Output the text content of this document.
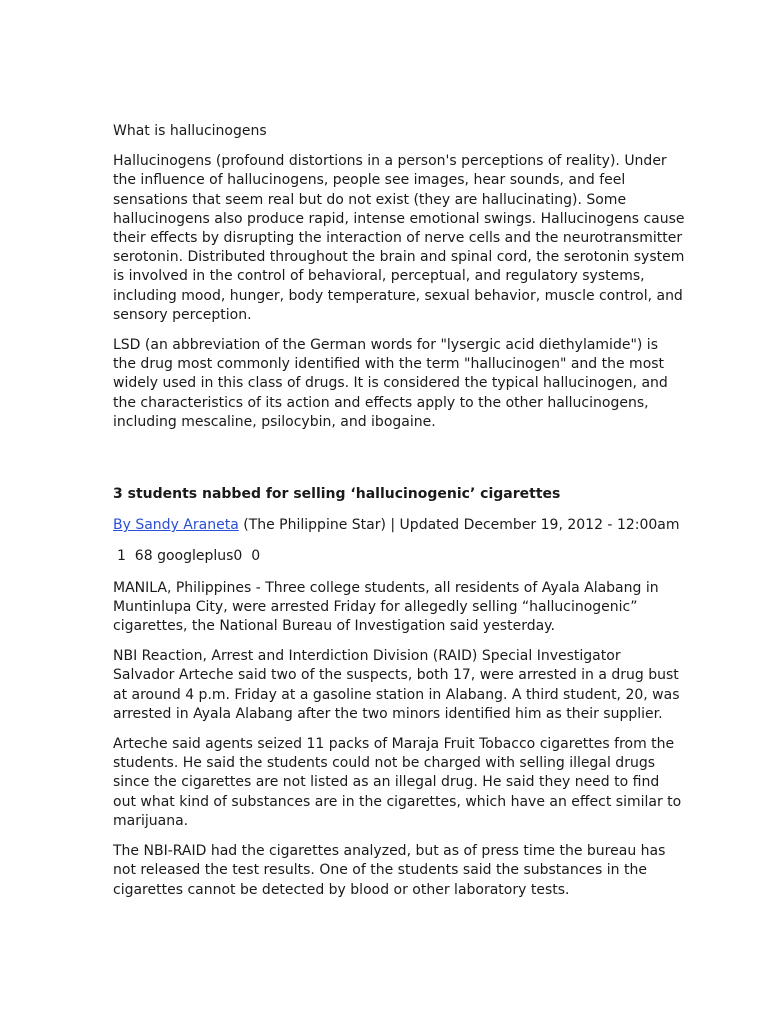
What is hallucinogens

Hallucinogens (profound distortions in a person's perceptions of reality). Under the influence of hallucinogens, people see images, hear sounds, and feel sensations that seem real but do not exist (they are hallucinating). Some hallucinogens also produce rapid, intense emotional swings. Hallucinogens cause their effects by disrupting the interaction of nerve cells and the neurotransmitter serotonin. Distributed throughout the brain and spinal cord, the serotonin system is involved in the control of behavioral, perceptual, and regulatory systems, including mood, hunger, body temperature, sexual behavior, muscle control, and sensory perception.

LSD (an abbreviation of the German words for "lysergic acid diethylamide") is the drug most commonly identified with the term "hallucinogen" and the most widely used in this class of drugs. It is considered the typical hallucinogen, and the characteristics of its action and effects apply to the other hallucinogens, including mescaline, psilocybin, and ibogaine.

3 students nabbed for selling ‘hallucinogenic’ cigarettes

By Sandy Araneta (The Philippine Star) | Updated December 19, 2012 - 12:00am

1  68 googleplus0  0

MANILA, Philippines - Three college students, all residents of Ayala Alabang in Muntinlupa City, were arrested Friday for allegedly selling “hallucinogenic” cigarettes, the National Bureau of Investigation said yesterday.

NBI Reaction, Arrest and Interdiction Division (RAID) Special Investigator Salvador Arteche said two of the suspects, both 17, were arrested in a drug bust at around 4 p.m. Friday at a gasoline station in Alabang. A third student, 20, was arrested in Ayala Alabang after the two minors identified him as their supplier.

Arteche said agents seized 11 packs of Maraja Fruit Tobacco cigarettes from the students. He said the students could not be charged with selling illegal drugs since the cigarettes are not listed as an illegal drug. He said they need to find out what kind of substances are in the cigarettes, which have an effect similar to marijuana.

The NBI-RAID had the cigarettes analyzed, but as of press time the bureau has not released the test results. One of the students said the substances in the cigarettes cannot be detected by blood or other laboratory tests.
